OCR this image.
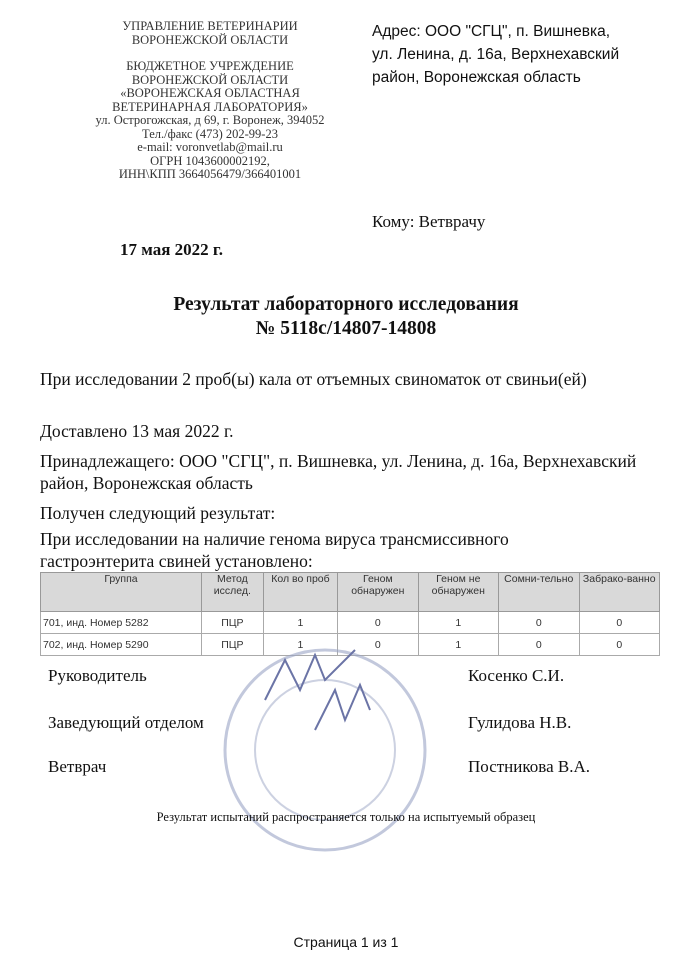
УПРАВЛЕНИЕ ВЕТЕРИНАРИИ
ВОРОНЕЖСКОЙ ОБЛАСТИ
БЮДЖЕТНОЕ УЧРЕЖДЕНИЕ
ВОРОНЕЖСКОЙ ОБЛАСТИ
«ВОРОНЕЖСКАЯ ОБЛАСТНАЯ
ВЕТЕРИНАРНАЯ ЛАБОРАТОРИЯ»
ул. Острогожская, д 69, г. Воронеж, 394052
Тел./факс (473) 202-99-23
e-mail: voronvetlab@mail.ru
ОГРН 1043600002192,
ИНН\КПП 3664056479/366401001
Адрес: ООО "СГЦ", п. Вишневка,
ул. Ленина, д. 16а, Верхнехавский
район, Воронежская область
Кому: Ветврачу
17 мая 2022 г.
Результат лабораторного исследования
№ 5118с/14807-14808
При исследовании 2 проб(ы) кала от отъемных свиноматок от свиньи(ей)
Доставлено 13 мая 2022 г.
Принадлежащего: ООО "СГЦ", п. Вишневка, ул. Ленина, д. 16а, Верхнехавский район, Воронежская область
Получен следующий результат:
При исследовании на наличие генома вируса трансмиссивного гастроэнтерита свиней установлено:
Группа	Метод исслед.	Кол во проб	Геном обнаружен	Геном не обнаружен	Сомни-тельно	Забрако-ванно
701, инд. Номер 5282	ПЦР	1	0	1	0	0
702, инд. Номер 5290	ПЦР	1	0	1	0	0
Руководитель	Косенко С.И.
Заведующий отделом	Гулидова Н.В.
Ветврач	Постникова В.А.
Результат испытаний распространяется только на испытуемый образец
Страница 1 из 1
